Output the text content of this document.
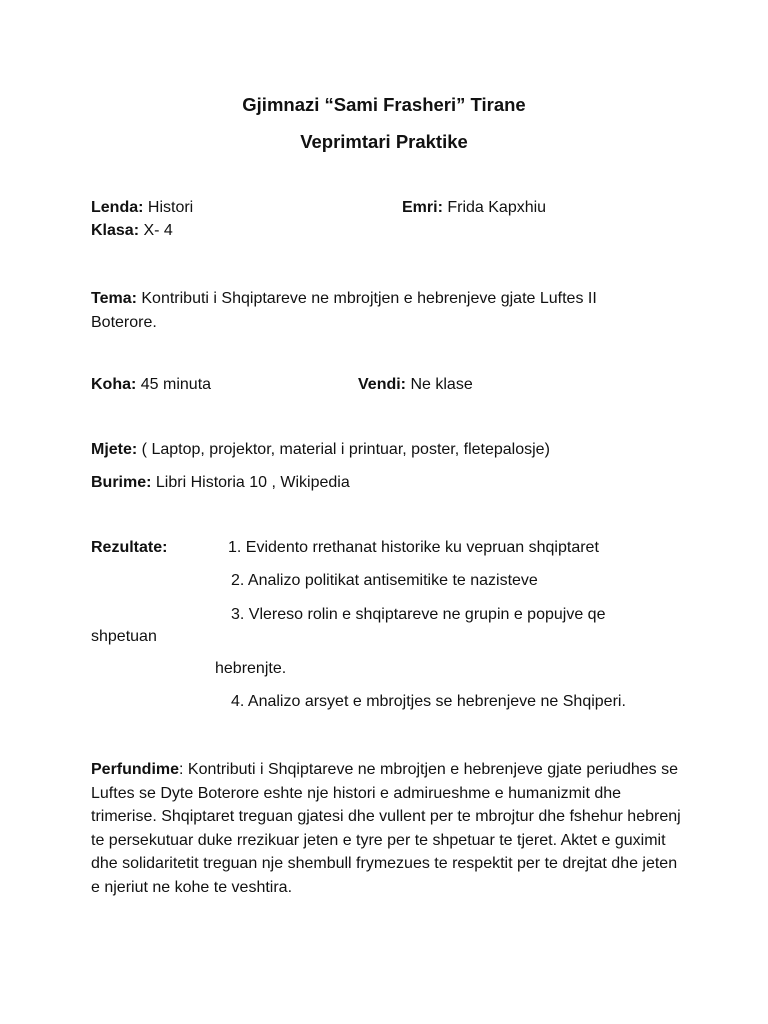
Gjimnazi “Sami Frasheri” Tirane
Veprimtari Praktike
Lenda: Histori	Emri: Frida Kapxhiu
Klasa: X- 4
Tema: Kontributi i Shqiptareve ne mbrojtjen e hebrenjeve gjate Luftes II Boterore.
Koha: 45 minuta	Vendi: Ne klase
Mjete: ( Laptop, projektor, material i printuar, poster, fletepalosje)
Burime: Libri Historia 10 , Wikipedia
Rezultate:	1. Evidento rrethanat historike ku vepruan shqiptaret
2. Analizo politikat antisemitike te nazisteve
3. Vlereso rolin e shqiptareve ne grupin e popujve qe
shpetuan
hebrenjte.
4. Analizo arsyet e mbrojtjes se hebrenjeve ne Shqiperi.
Perfundime: Kontributi i Shqiptareve ne mbrojtjen e hebrenjeve gjate periudhes se Luftes se Dyte Boterore eshte nje histori e admirueshme e humanizmit dhe trimerise. Shqiptaret treguan gjatesi dhe vullent per te mbrojtur dhe fshehur hebrenj te persekutuar duke rrezikuar jeten e tyre per te shpetuar te tjeret. Aktet e guximit dhe solidaritetit treguan nje shembull frymezues te respektit per te drejtat dhe jeten e njeriut ne kohe te veshtira.
